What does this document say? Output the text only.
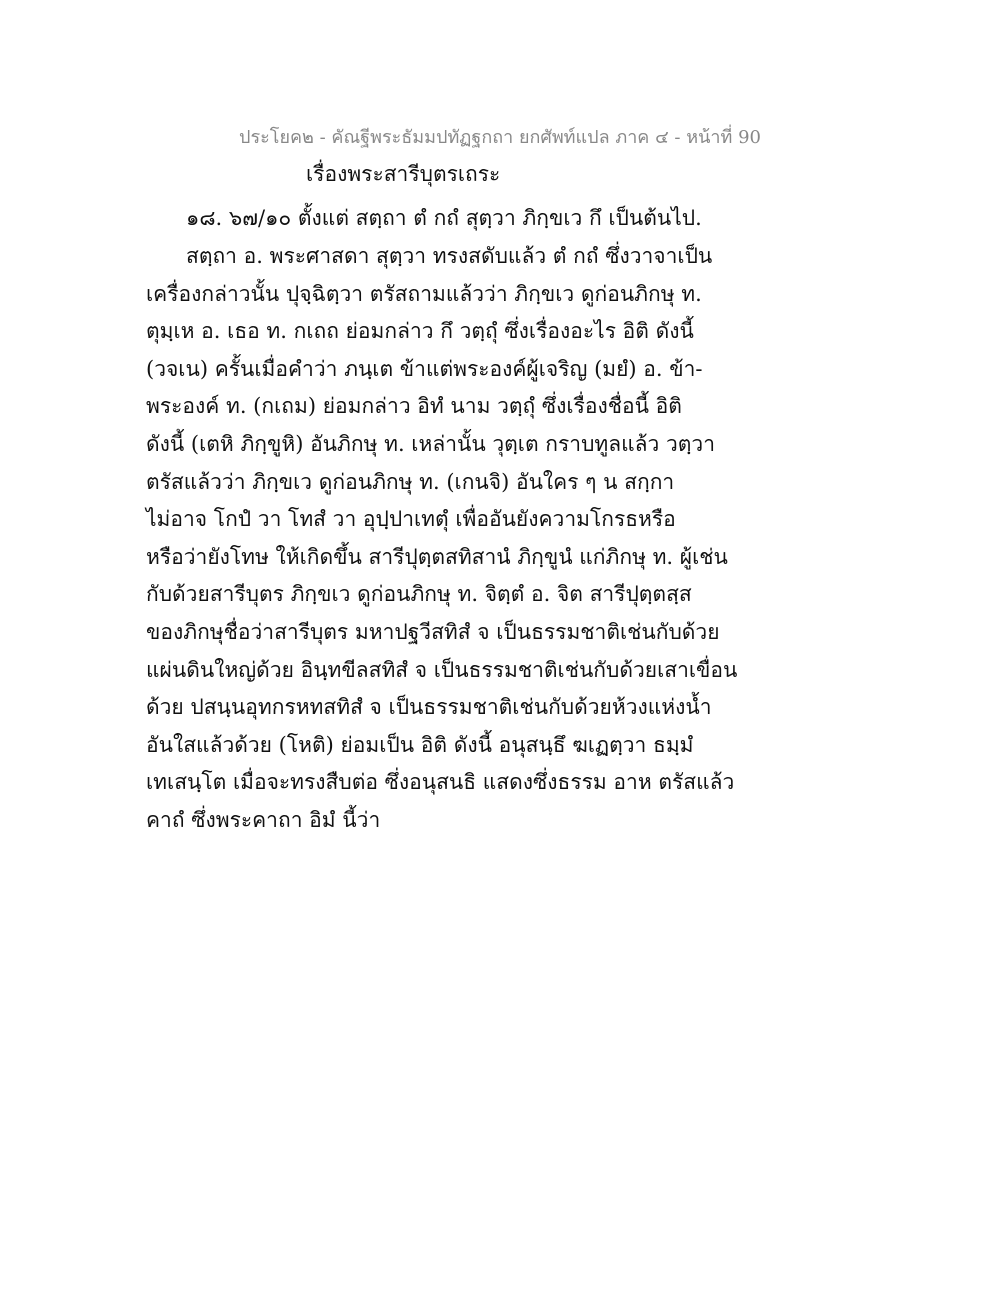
ประโยค๒ - คัณฐีพระธัมมปทัฏฐกถา ยกศัพท์แปล ภาค ๔ - หน้าที่ 90
เรื่องพระสารีบุตรเถระ
๑๘. ๖๗/๑๐ ตั้งแต่ สตฺถา ตํ กถํ สุตฺวา ภิกฺขเว กึ เป็นต้นไป.
สตฺถา อ. พระศาสดา สุตฺวา ทรงสดับแล้ว ตํ กถํ ซึ่งวาจาเป็น
เครื่องกล่าวนั้น ปุจฺฉิตฺวา ตรัสถามแล้วว่า ภิกฺขเว ดูก่อนภิกษุ ท.
ตุมฺเห อ. เธอ ท. กเถถ ย่อมกล่าว กึ วตฺถุํ ซึ่งเรื่องอะไร อิติ ดังนี้
(วจเน) ครั้นเมื่อคำว่า ภนฺเต ข้าแต่พระองค์ผู้เจริญ (มยํ) อ. ข้า-
พระองค์ ท. (กเถม) ย่อมกล่าว อิทํ นาม วตฺถุํ ซึ่งเรื่องชื่อนี้ อิติ
ดังนี้ (เตหิ ภิกฺขูหิ) อันภิกษุ ท. เหล่านั้น วุตฺเต กราบทูลแล้ว วตฺวา
ตรัสแล้วว่า ภิกฺขเว ดูก่อนภิกษุ ท. (เกนจิ) อันใคร ๆ น สกฺกา
ไม่อาจ โกปํ วา โทสํ วา อุปฺปาเทตุํ เพื่ออันยังความโกรธหรือ
หรือว่ายังโทษ ให้เกิดขึ้น สารีปุตฺตสทิสานํ ภิกฺขูนํ แก่ภิกษุ ท. ผู้เช่น
กับด้วยสารีบุตร ภิกฺขเว ดูก่อนภิกษุ ท. จิตฺตํ อ. จิต สารีปุตฺตสฺส
ของภิกษุชื่อว่าสารีบุตร มหาปฐวีสทิสํ จ เป็นธรรมชาติเช่นกับด้วย
แผ่นดินใหญ่ด้วย อินฺทขีลสทิสํ จ เป็นธรรมชาติเช่นกับด้วยเสาเขื่อน
ด้วย ปสนฺนอุทกรหทสทิสํ จ เป็นธรรมชาติเช่นกับด้วยห้วงแห่งน้ำ
อันใสแล้วด้วย (โหติ) ย่อมเป็น อิติ ดังนี้ อนุสนฺธึ ฆเฏตฺวา ธมฺมํ
เทเสนฺโต เมื่อจะทรงสืบต่อ ซึ่งอนุสนธิ แสดงซึ่งธรรม อาห ตรัสแล้ว
คาถํ ซึ่งพระคาถา อิมํ นี้ว่า
